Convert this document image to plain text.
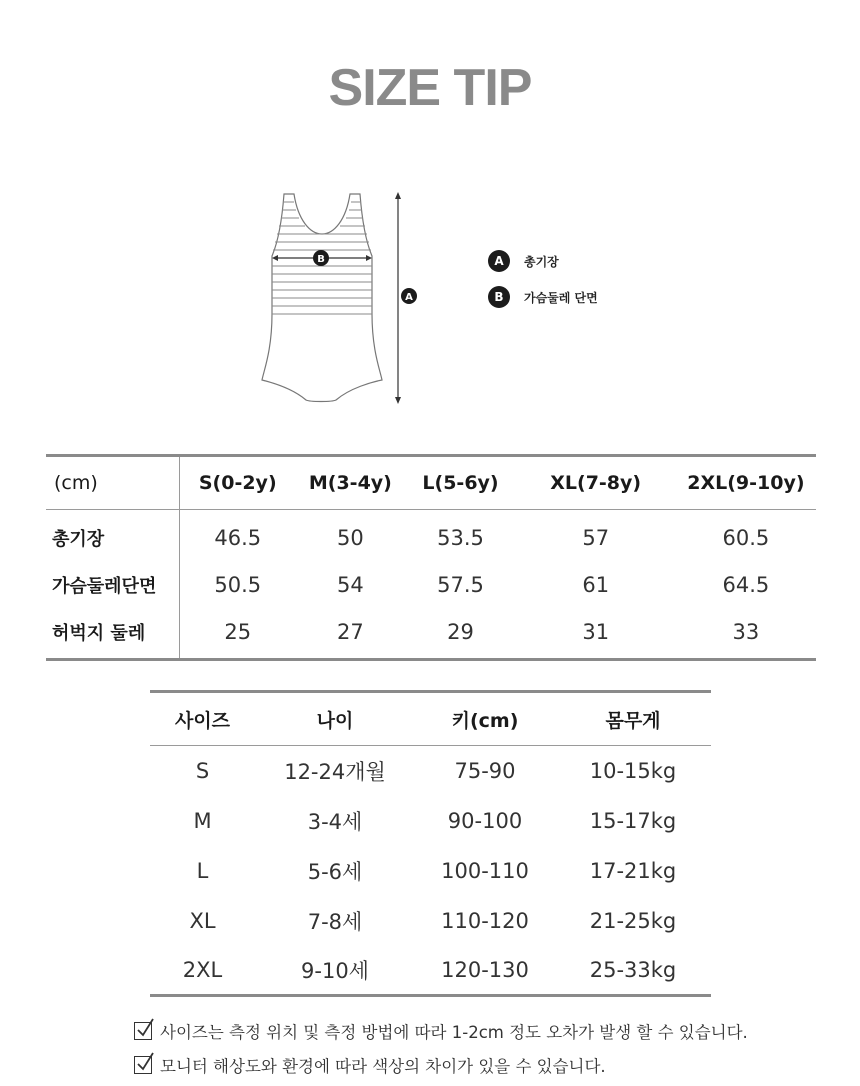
SIZE TIP
B
A
A	총기장
B	가슴둘레 단면
(cm)	S(0-2y)	M(3-4y)	L(5-6y)	XL(7-8y)	2XL(9-10y)
총기장	46.5	50	53.5	57	60.5
가슴둘레단면	50.5	54	57.5	61	64.5
허벅지 둘레	25	27	29	31	33
사이즈	나이	키(cm)	몸무게
S	12-24개월	75-90	10-15kg
M	3-4세	90-100	15-17kg
L	5-6세	100-110	17-21kg
XL	7-8세	110-120	21-25kg
2XL	9-10세	120-130	25-33kg
사이즈는 측정 위치 및 측정 방법에 따라 1-2cm 정도 오차가 발생 할 수 있습니다.
모니터 해상도와 환경에 따라 색상의 차이가 있을 수 있습니다.
